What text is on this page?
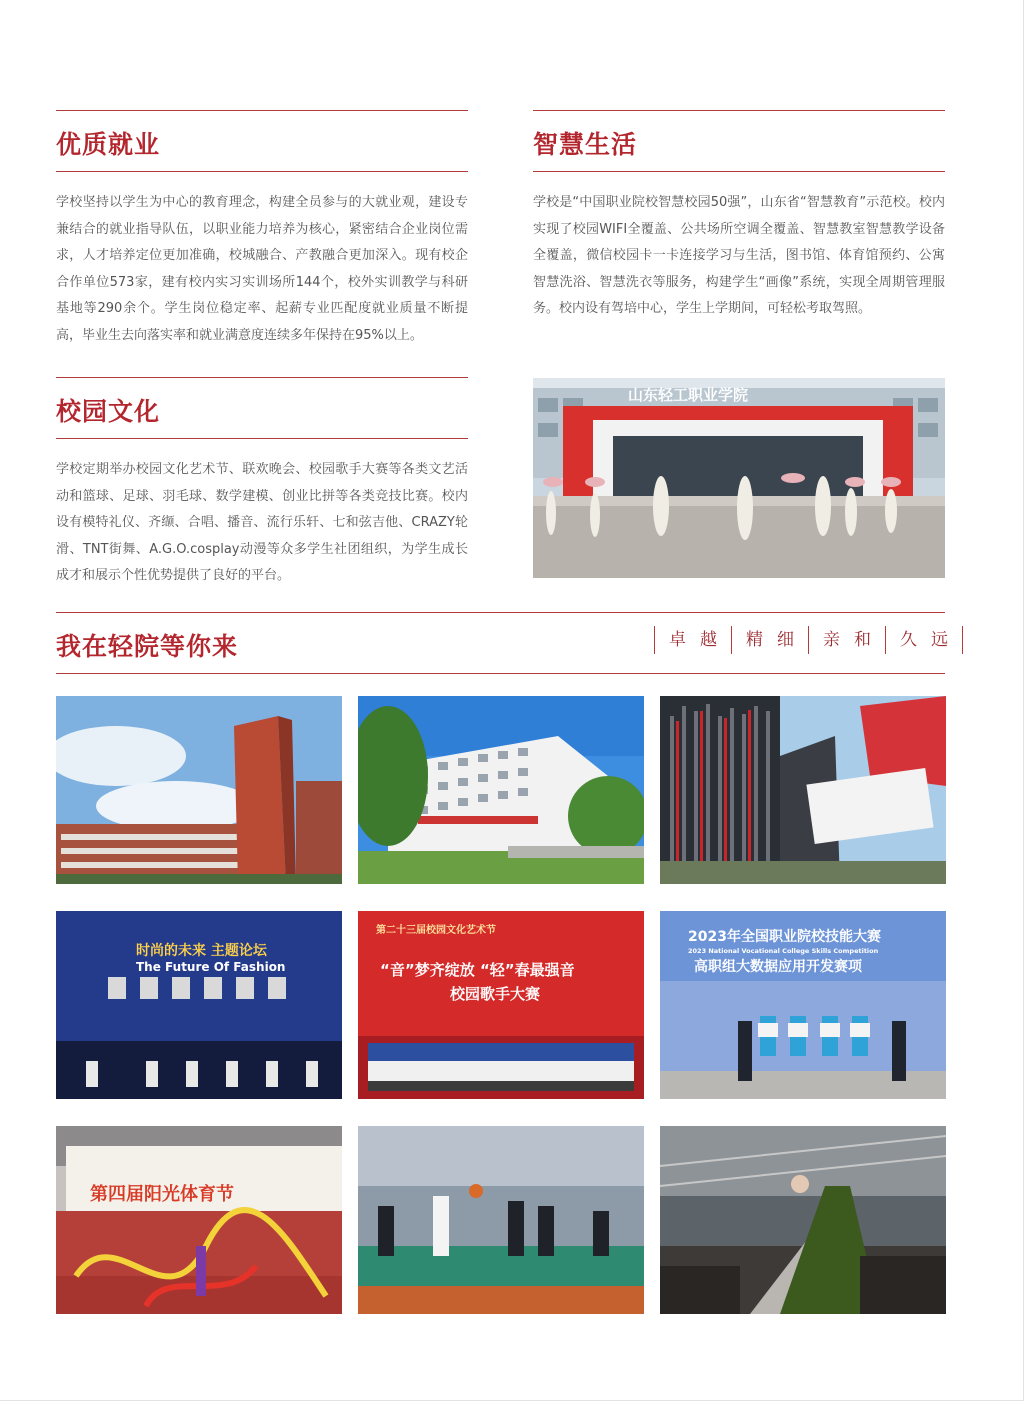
优质就业
学校坚持以学生为中心的教育理念，构建全员参与的大就业观，建设专兼结合的就业指导队伍，以职业能力培养为核心，紧密结合企业岗位需求，人才培养定位更加准确，校城融合、产教融合更加深入。现有校企合作单位573家，建有校内实习实训场所144个，校外实训教学与科研基地等290余个。学生岗位稳定率、起薪专业匹配度就业质量不断提高，毕业生去向落实率和就业满意度连续多年保持在95%以上。
智慧生活
学校是“中国职业院校智慧校园50强”，山东省“智慧教育”示范校。校内实现了校园WIFI全覆盖、公共场所空调全覆盖、智慧教室智慧教学设备全覆盖，微信校园卡一卡连接学习与生活，图书馆、体育馆预约、公寓智慧洗浴、智慧洗衣等服务，构建学生“画像”系统，实现全周期管理服务。校内设有驾培中心，学生上学期间，可轻松考取驾照。
校园文化
学校定期举办校园文化艺术节、联欢晚会、校园歌手大赛等各类文艺活动和篮球、足球、羽毛球、数学建模、创业比拼等各类竞技比赛。校内设有模特礼仪、齐缬、合唱、播音、流行乐轩、七和弦吉他、CRAZY轮滑、TNT街舞、A.G.O.cosplay动漫等众多学生社团组织，为学生成长成才和展示个性优势提供了良好的平台。
山东轻工职业学院
我在轻院等你来	卓越 精细 亲和 久远
时尚的未来 主题论坛
The Future Of Fashion
第二十三届校园文化艺术节
“音”梦齐绽放 “轻”春最强音
校园歌手大赛
2023年全国职业院校技能大赛
2023 National Vocational College Skills Competition
高职组大数据应用开发赛项
第四届阳光体育节
